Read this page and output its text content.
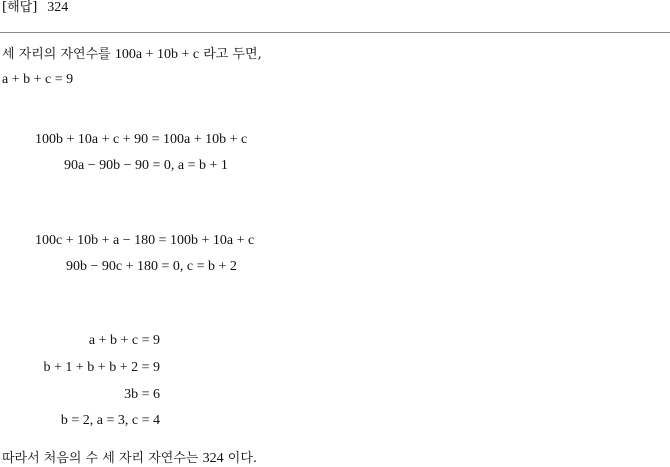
[해답] 324
세 자리의 자연수를 100a + 10b + c 라고 두면,
a + b + c = 9
100b + 10a + c + 90 = 100a + 10b + c
90a − 90b − 90 = 0, a = b + 1
100c + 10b + a − 180 = 100b + 10a + c
90b − 90c + 180 = 0, c = b + 2
a + b + c = 9
b + 1 + b + b + 2 = 9
3b = 6
b = 2, a = 3, c = 4
따라서 처음의 수 세 자리 자연수는 324 이다.
